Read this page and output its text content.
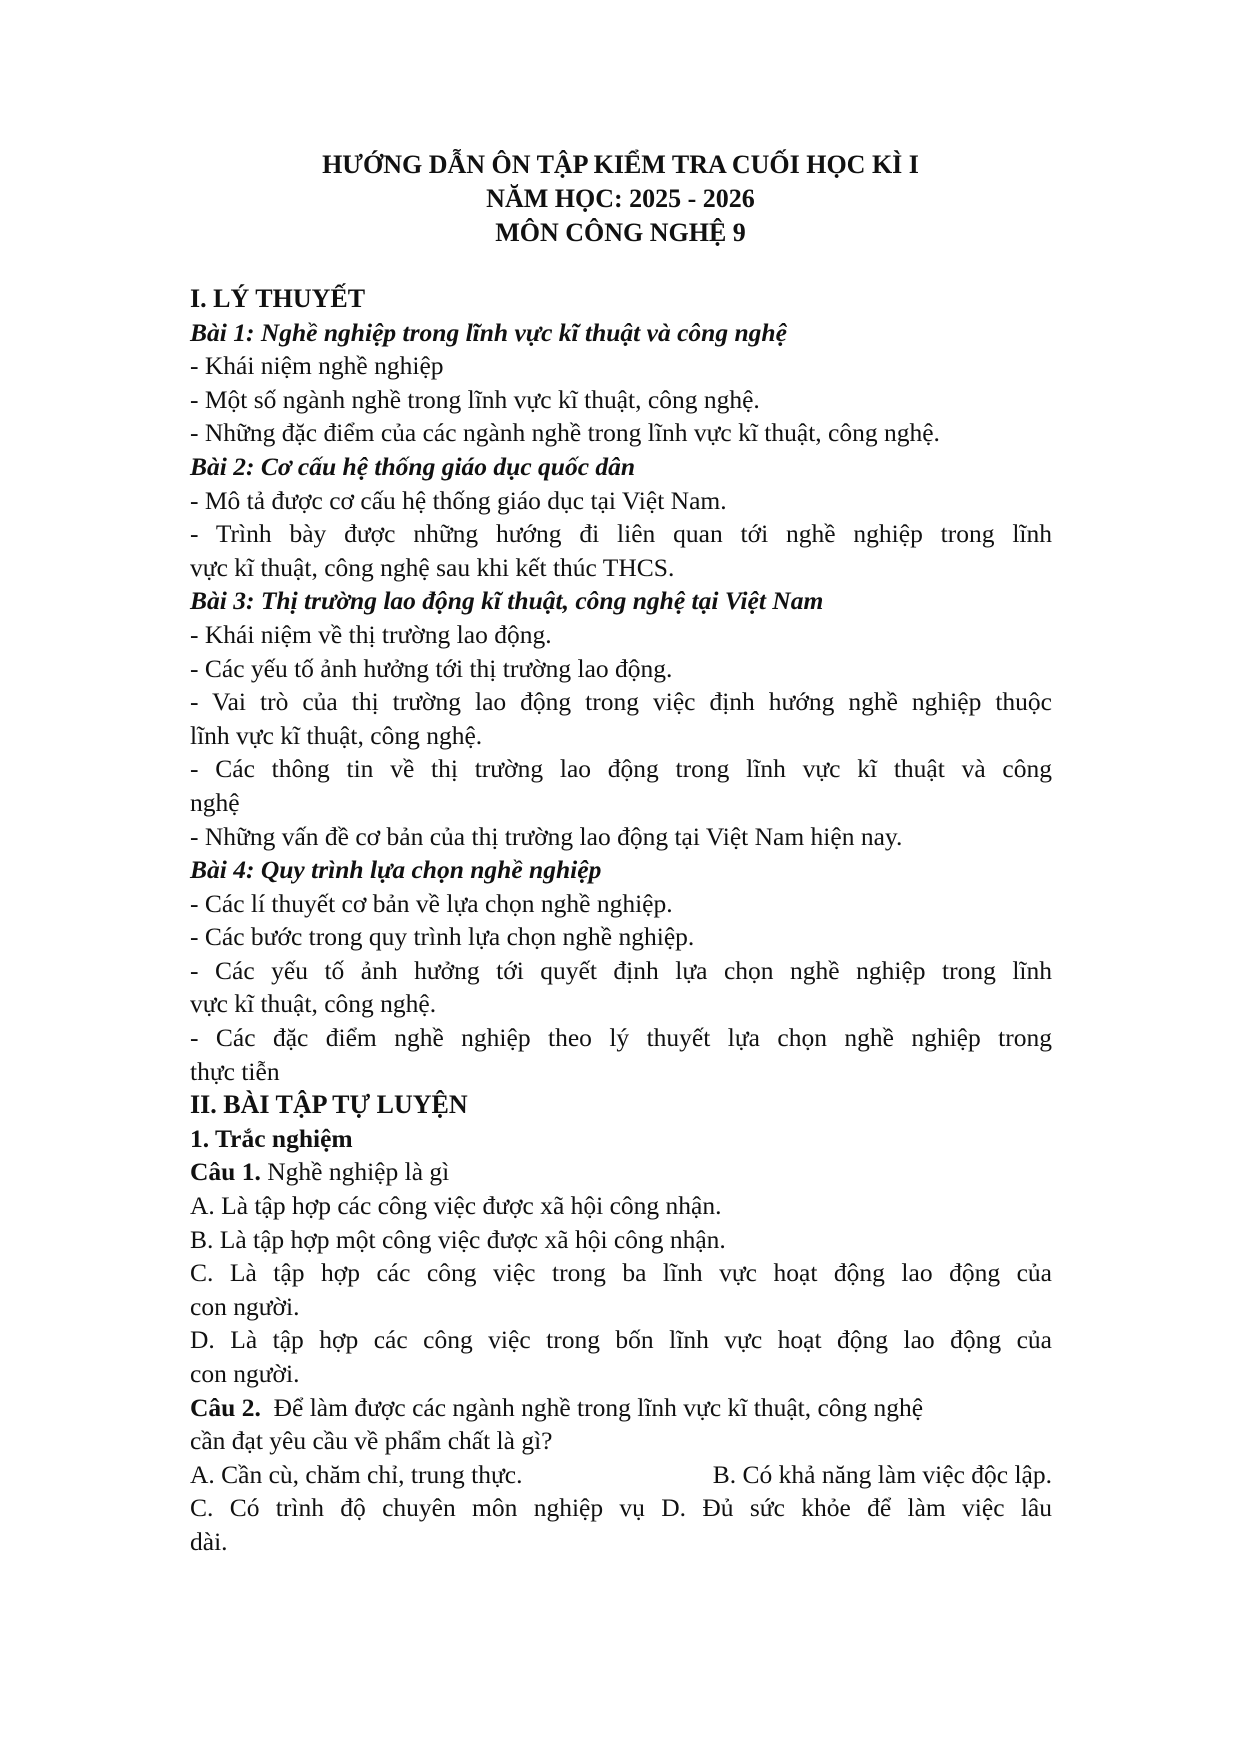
HƯỚNG DẪN ÔN TẬP KIỂM TRA CUỐI HỌC KÌ I
NĂM HỌC: 2025 - 2026
MÔN CÔNG NGHỆ 9
I. LÝ THUYẾT
Bài 1: Nghề nghiệp trong lĩnh vực kĩ thuật và công nghệ
- Khái niệm nghề nghiệp
- Một số ngành nghề trong lĩnh vực kĩ thuật, công nghệ.
- Những đặc điểm của các ngành nghề trong lĩnh vực kĩ thuật, công nghệ.
Bài 2: Cơ cấu hệ thống giáo dục quốc dân
- Mô tả được cơ cấu hệ thống giáo dục tại Việt Nam.
- Trình bày được những hướng đi liên quan tới nghề nghiệp trong lĩnh
vực kĩ thuật, công nghệ sau khi kết thúc THCS.
Bài 3: Thị trường lao động kĩ thuật, công nghệ tại Việt Nam
- Khái niệm về thị trường lao động.
- Các yếu tố ảnh hưởng tới thị trường lao động.
- Vai trò của thị trường lao động trong việc định hướng nghề nghiệp thuộc
lĩnh vực kĩ thuật, công nghệ.
- Các thông tin về thị trường lao động trong lĩnh vực kĩ thuật và công
nghệ
- Những vấn đề cơ bản của thị trường lao động tại Việt Nam hiện nay.
Bài 4: Quy trình lựa chọn nghề nghiệp
- Các lí thuyết cơ bản về lựa chọn nghề nghiệp.
- Các bước trong quy trình lựa chọn nghề nghiệp.
- Các yếu tố ảnh hưởng tới quyết định lựa chọn nghề nghiệp trong lĩnh
vực kĩ thuật, công nghệ.
- Các đặc điểm nghề nghiệp theo lý thuyết lựa chọn nghề nghiệp trong
thực tiễn
II. BÀI TẬP TỰ LUYỆN
1. Trắc nghiệm
Câu 1. Nghề nghiệp là gì
A. Là tập hợp các công việc được xã hội công nhận.
B. Là tập hợp một công việc được xã hội công nhận.
C. Là tập hợp các công việc trong ba lĩnh vực hoạt động lao động của
con người.
D. Là tập hợp các công việc trong bốn lĩnh vực hoạt động lao động của
con người.
Câu 2.  Để làm được các ngành nghề trong lĩnh vực kĩ thuật, công nghệ
cần đạt yêu cầu về phẩm chất là gì?
A. Cần cù, chăm chỉ, trung thực.	B. Có khả năng làm việc độc lập.
C. Có trình độ chuyên môn nghiệp vụ D. Đủ sức khỏe để làm việc lâu
dài.
